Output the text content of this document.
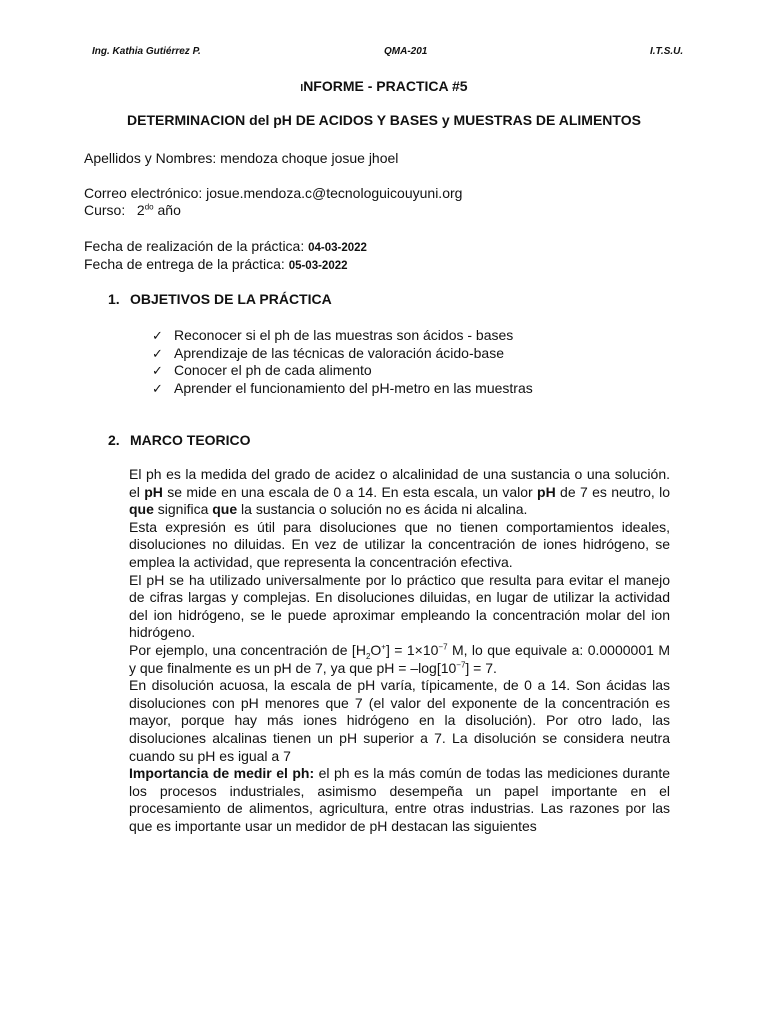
Ing. Kathia Gutiérrez P.	QMA-201	I.T.S.U.
INFORME - PRACTICA #5
DETERMINACION del pH DE ACIDOS Y BASES y MUESTRAS DE ALIMENTOS
Apellidos y Nombres: mendoza choque josue jhoel
Correo electrónico: josue.mendoza.c@tecnologuicouyuni.org
Curso: $2^{do}$ año
Fecha de realización de la práctica: 04-03-2022
Fecha de entrega de la práctica: 05-03-2022
1. OBJETIVOS DE LA PRÁCTICA
✓ Reconocer si el ph de las muestras son ácidos - bases
✓ Aprendizaje de las técnicas de valoración ácido-base
✓ Conocer el ph de cada alimento
✓ Aprender el funcionamiento del pH-metro en las muestras
2. MARCO TEORICO
El ph es la medida del grado de acidez o alcalinidad de una sustancia o una solución. el pH se mide en una escala de 0 a 14. En esta escala, un valor pH de 7 es neutro, lo que significa que la sustancia o solución no es ácida ni alcalina.
Esta expresión es útil para disoluciones que no tienen comportamientos ideales, disoluciones no diluidas. En vez de utilizar la concentración de iones hidrógeno, se emplea la actividad, que representa la concentración efectiva.
El pH se ha utilizado universalmente por lo práctico que resulta para evitar el manejo de cifras largas y complejas. En disoluciones diluidas, en lugar de utilizar la actividad del ion hidrógeno, se le puede aproximar empleando la concentración molar del ion hidrógeno.
Por ejemplo, una concentración de $[H_2O^+] = 1\times 10^{-7}$ M, lo que equivale a: 0.0000001 M y que finalmente es un pH de 7, ya que pH = $-\log[10^{-7}] = 7$.
En disolución acuosa, la escala de pH varía, típicamente, de 0 a 14. Son ácidas las disoluciones con pH menores que 7 (el valor del exponente de la concentración es mayor, porque hay más iones hidrógeno en la disolución). Por otro lado, las disoluciones alcalinas tienen un pH superior a 7. La disolución se considera neutra cuando su pH es igual a 7
Importancia de medir el ph: el ph es la más común de todas las mediciones durante los procesos industriales, asimismo desempeña un papel importante en el procesamiento de alimentos, agricultura, entre otras industrias. Las razones por las que es importante usar un medidor de pH destacan las siguientes
